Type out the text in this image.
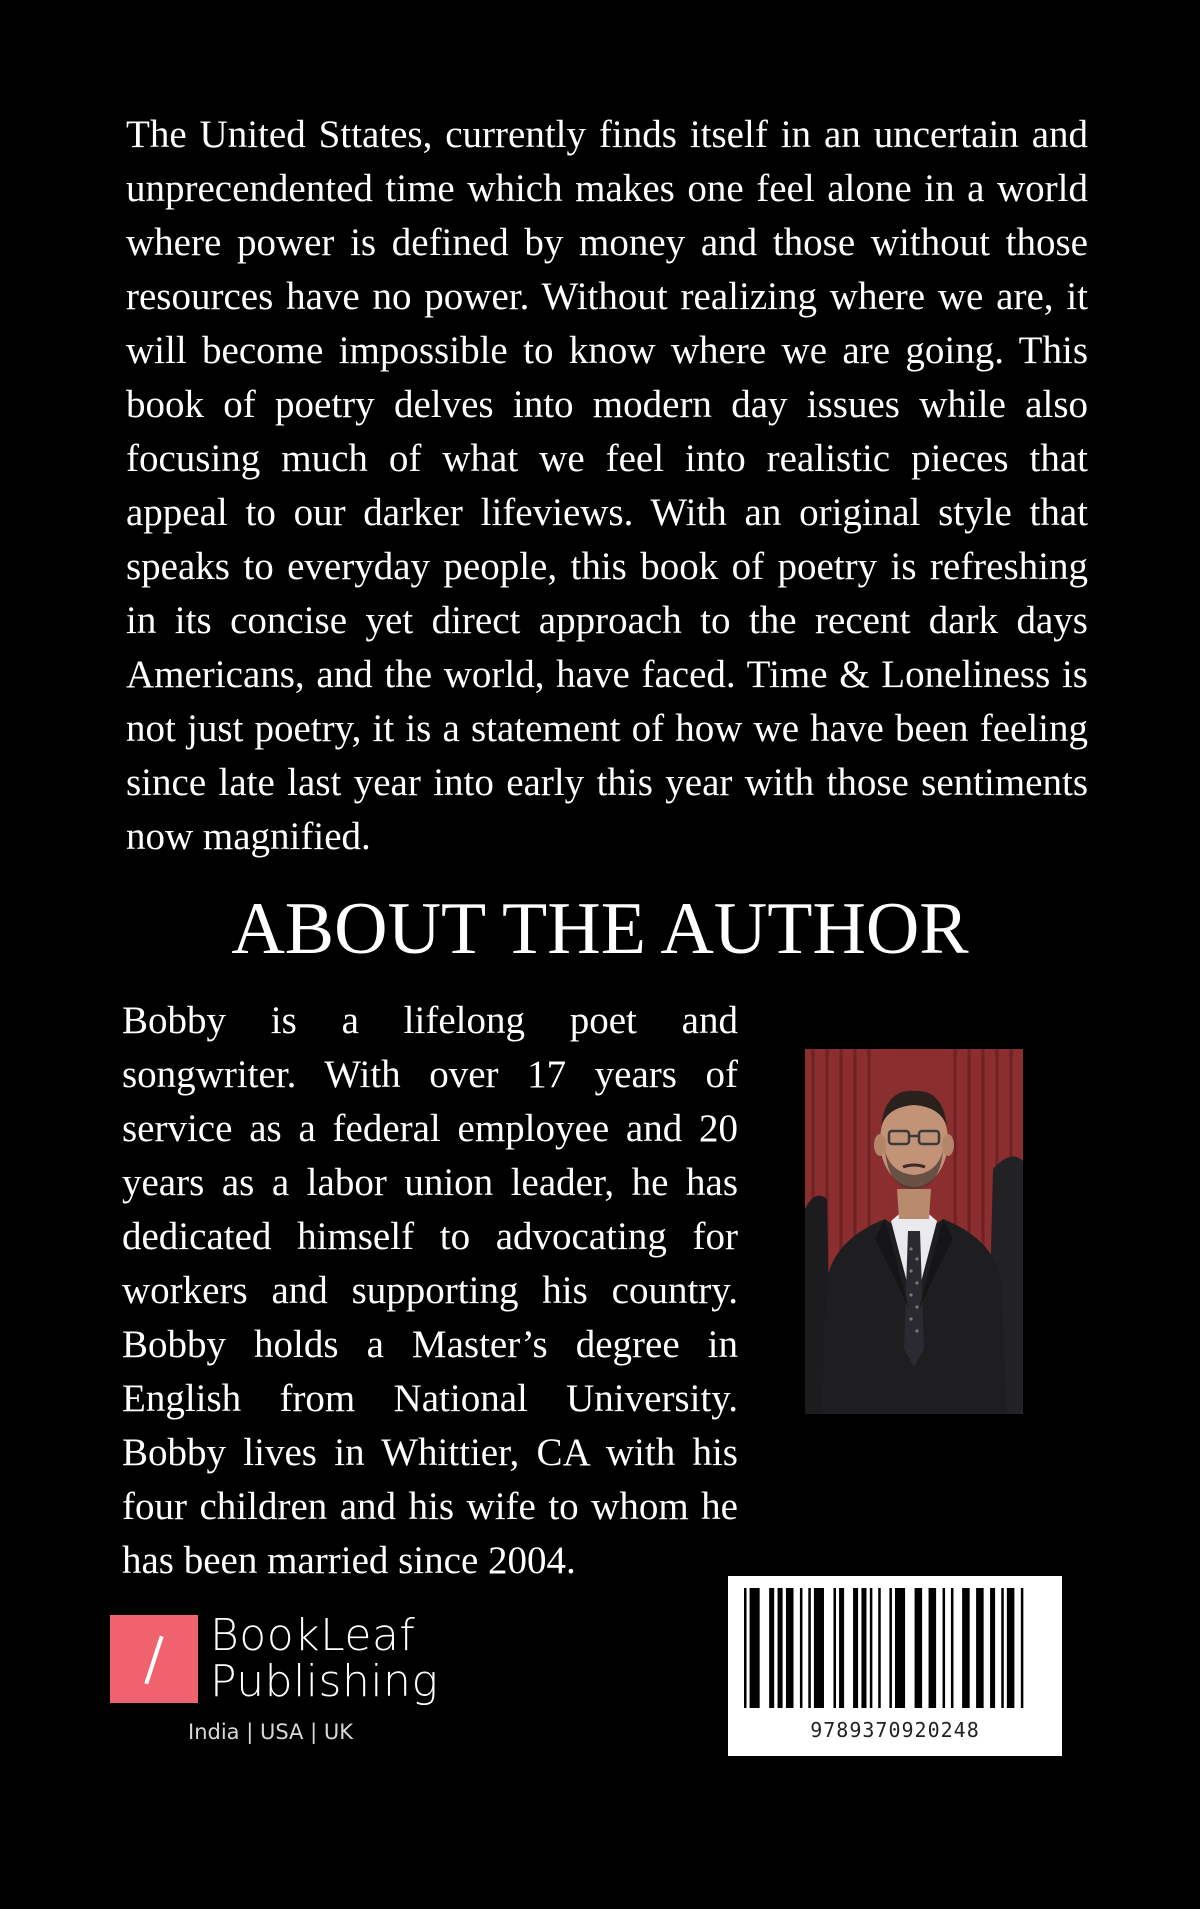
The United Sttates, currently finds itself in an uncertain and unprecendented time which makes one feel alone in a world where power is defined by money and those without those resources have no power. Without realizing where we are, it will become impossible to know where we are going. This book of poetry delves into modern day issues while also focusing much of what we feel into realistic pieces that appeal to our darker lifeviews. With an original style that speaks to everyday people, this book of poetry is refreshing in its concise yet direct approach to the recent dark days Americans, and the world, have faced. Time & Loneliness is not just poetry, it is a statement of how we have been feeling since late last year into early this year with those sentiments now magnified.

ABOUT THE AUTHOR

Bobby is a lifelong poet and songwriter. With over 17 years of service as a federal employee and 20 years as a labor union leader, he has dedicated himself to advocating for workers and supporting his country. Bobby holds a Master’s degree in English from National University. Bobby lives in Whittier, CA with his four children and his wife to whom he has been married since 2004.

BookLeaf
Publishing
India | USA | UK	9789370920248
